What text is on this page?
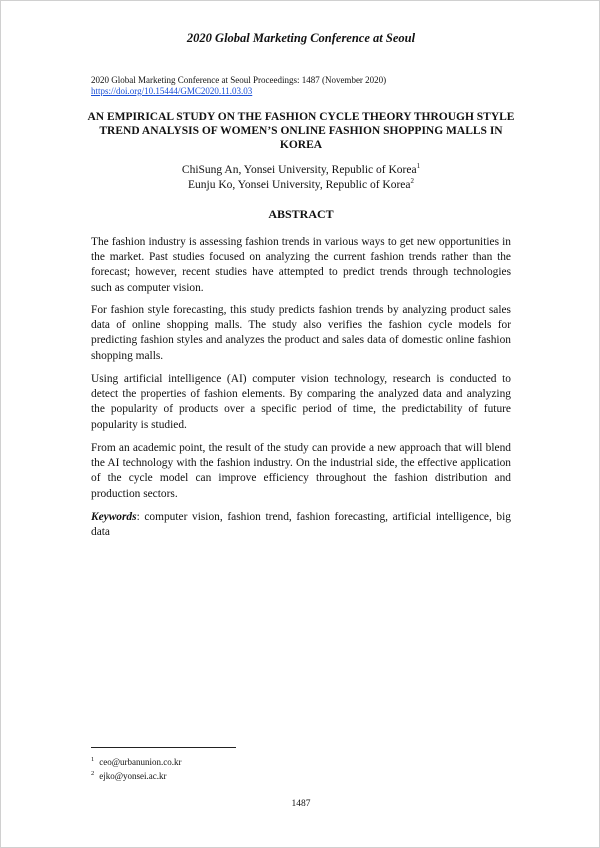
2020 Global Marketing Conference at Seoul
2020 Global Marketing Conference at Seoul Proceedings: 1487 (November 2020)
https://doi.org/10.15444/GMC2020.11.03.03
AN EMPIRICAL STUDY ON THE FASHION CYCLE THEORY THROUGH STYLE TREND ANALYSIS OF WOMEN’S ONLINE FASHION SHOPPING MALLS IN KOREA
ChiSung An, Yonsei University, Republic of Korea$^1$
Eunju Ko, Yonsei University, Republic of Korea$^2$
ABSTRACT

The fashion industry is assessing fashion trends in various ways to get new opportunities in the market. Past studies focused on analyzing the current fashion trends rather than the forecast; however, recent studies have attempted to predict trends through technologies such as computer vision.

For fashion style forecasting, this study predicts fashion trends by analyzing product sales data of online shopping malls. The study also verifies the fashion cycle models for predicting fashion styles and analyzes the product and sales data of domestic online fashion shopping malls.

Using artificial intelligence (AI) computer vision technology, research is conducted to detect the properties of fashion elements. By comparing the analyzed data and analyzing the popularity of products over a specific period of time, the predictability of future popularity is studied.

From an academic point, the result of the study can provide a new approach that will blend the AI technology with the fashion industry. On the industrial side, the effective application of the cycle model can improve efficiency throughout the fashion distribution and production sectors.

Keywords: computer vision, fashion trend, fashion forecasting, artificial intelligence, big data

$^1$ ceo@urbanunion.co.kr
$^2$ ejko@yonsei.ac.kr
1487
